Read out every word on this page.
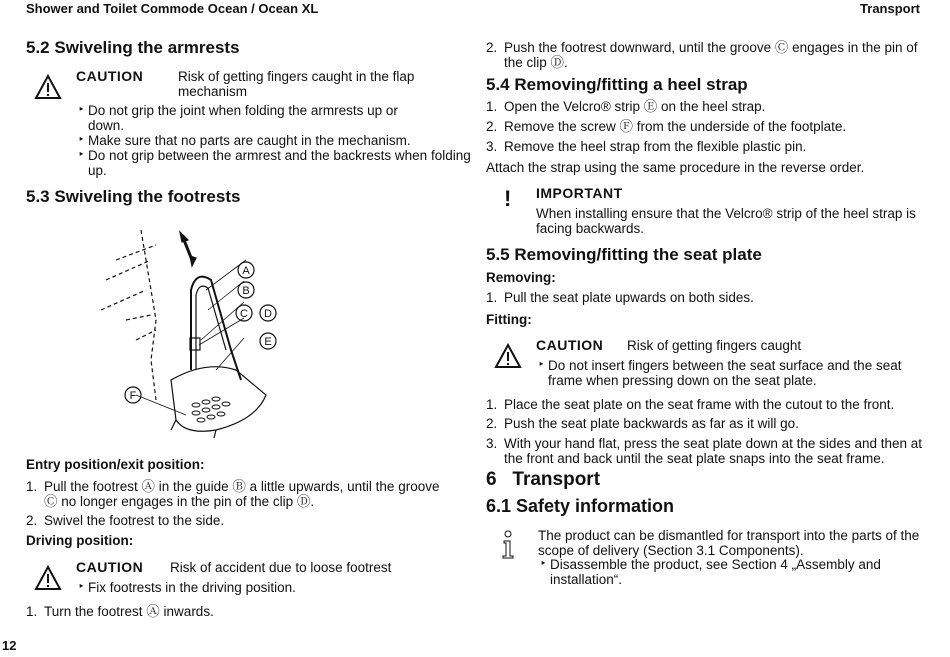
Shower and Toilet Commode Ocean / Ocean XL	Transport
5.2 Swiveling the armrests
CAUTION	Risk of getting fingers caught in the flap
mechanism
‣ Do not grip the joint when folding the armrests up or down.
‣ Make sure that no parts are caught in the mechanism.
‣ Do not grip between the armrest and the backrests when folding up.
5.3 Swiveling the footrests
A
B
C D
E
F
Entry position/exit position:
1. Pull the footrest Ⓐ in the guide Ⓑ a little upwards, until the groove Ⓒ no longer engages in the pin of the clip Ⓓ.
2. Swivel the footrest to the side.
Driving position:
CAUTION Risk of accident due to loose footrest
‣ Fix footrests in the driving position.
1. Turn the footrest Ⓐ inwards.
2. Push the footrest downward, until the groove Ⓒ engages in the pin of the clip Ⓓ.
5.4 Removing/fitting a heel strap
1. Open the Velcro® strip Ⓔ on the heel strap.
2. Remove the screw Ⓕ from the underside of the footplate.
3. Remove the heel strap from the flexible plastic pin.
Attach the strap using the same procedure in the reverse order.
! IMPORTANT
When installing ensure that the Velcro® strip of the heel strap is facing backwards.
5.5 Removing/fitting the seat plate
Removing:
1. Pull the seat plate upwards on both sides.
Fitting:
CAUTION Risk of getting fingers caught
‣ Do not insert fingers between the seat surface and the seat frame when pressing down on the seat plate.
1. Place the seat plate on the seat frame with the cutout to the front.
2. Push the seat plate backwards as far as it will go.
3. With your hand flat, press the seat plate down at the sides and then at the front and back until the seat plate snaps into the seat frame.
6   Transport
6.1 Safety information
The product can be dismantled for transport into the parts of the scope of delivery (Section 3.1 Components).
‣ Disassemble the product, see Section 4 „Assembly and installation“.
12
